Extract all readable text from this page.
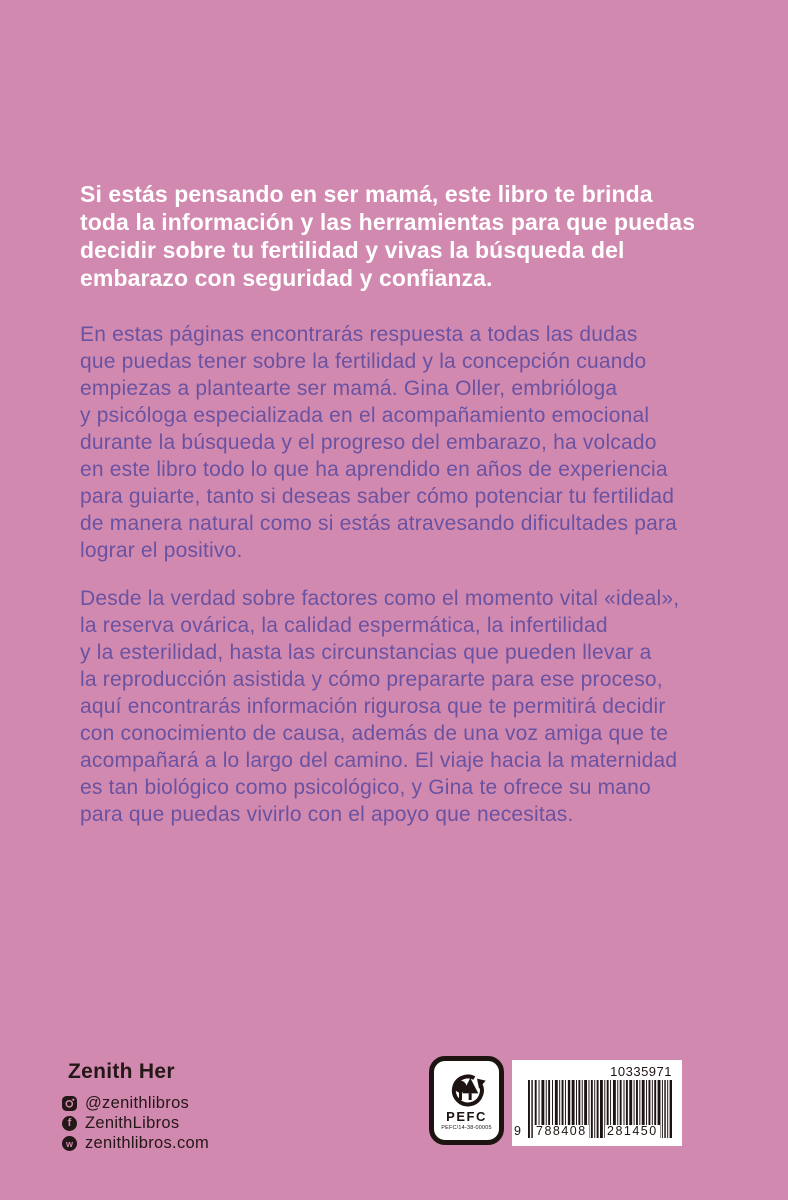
Si estás pensando en ser mamá, este libro te brinda
toda la información y las herramientas para que puedas
decidir sobre tu fertilidad y vivas la búsqueda del
embarazo con seguridad y confianza.
En estas páginas encontrarás respuesta a todas las dudas
que puedas tener sobre la fertilidad y la concepción cuando
empiezas a plantearte ser mamá. Gina Oller, embrióloga
y psicóloga especializada en el acompañamiento emocional
durante la búsqueda y el progreso del embarazo, ha volcado
en este libro todo lo que ha aprendido en años de experiencia
para guiarte, tanto si deseas saber cómo potenciar tu fertilidad
de manera natural como si estás atravesando dificultades para
lograr el positivo.
Desde la verdad sobre factores como el momento vital «ideal»,
la reserva ovárica, la calidad espermática, la infertilidad
y la esterilidad, hasta las circunstancias que pueden llevar a
la reproducción asistida y cómo prepararte para ese proceso,
aquí encontrarás información rigurosa que te permitirá decidir
con conocimiento de causa, además de una voz amiga que te
acompañará a lo largo del camino. El viaje hacia la maternidad
es tan biológico como psicológico, y Gina te ofrece su mano
para que puedas vivirlo con el apoyo que necesitas.
Zenith Her
@zenithlibros
f ZenithLibros
w zenithlibros.com
PEFC
PEFC/14-38-00005
10335971
9 788408 281450
